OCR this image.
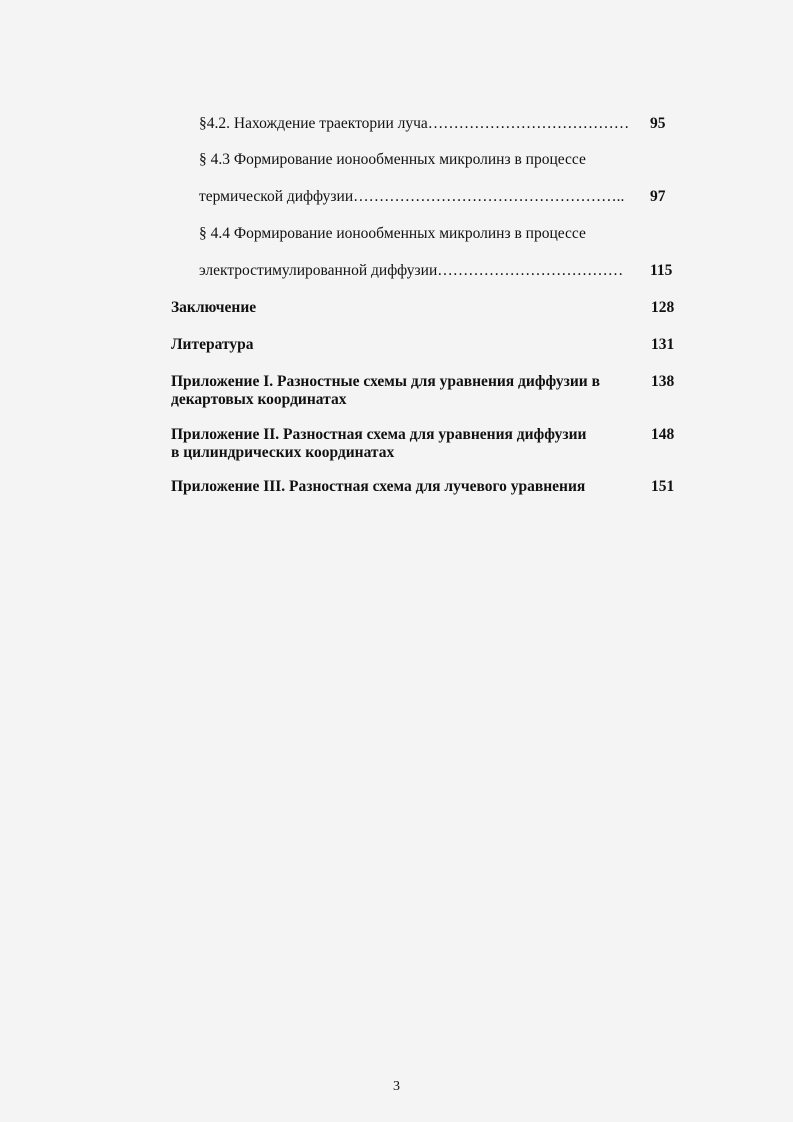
§4.2. Нахождение траектории луча………………………………… 95
§ 4.3 Формирование ионообменных микролинз в процессе
термической диффузии…………………………………………….. 97
§ 4.4 Формирование ионообменных микролинз в процессе
электростимулированной диффузии……………………………… 115
Заключение	128
Литература	131
Приложение I. Разностные схемы для уравнения диффузии в	138
декартовых координатах
Приложение II. Разностная схема для уравнения диффузии	148
в цилиндрических координатах
Приложение III. Разностная схема для лучевого уравнения	151
3
